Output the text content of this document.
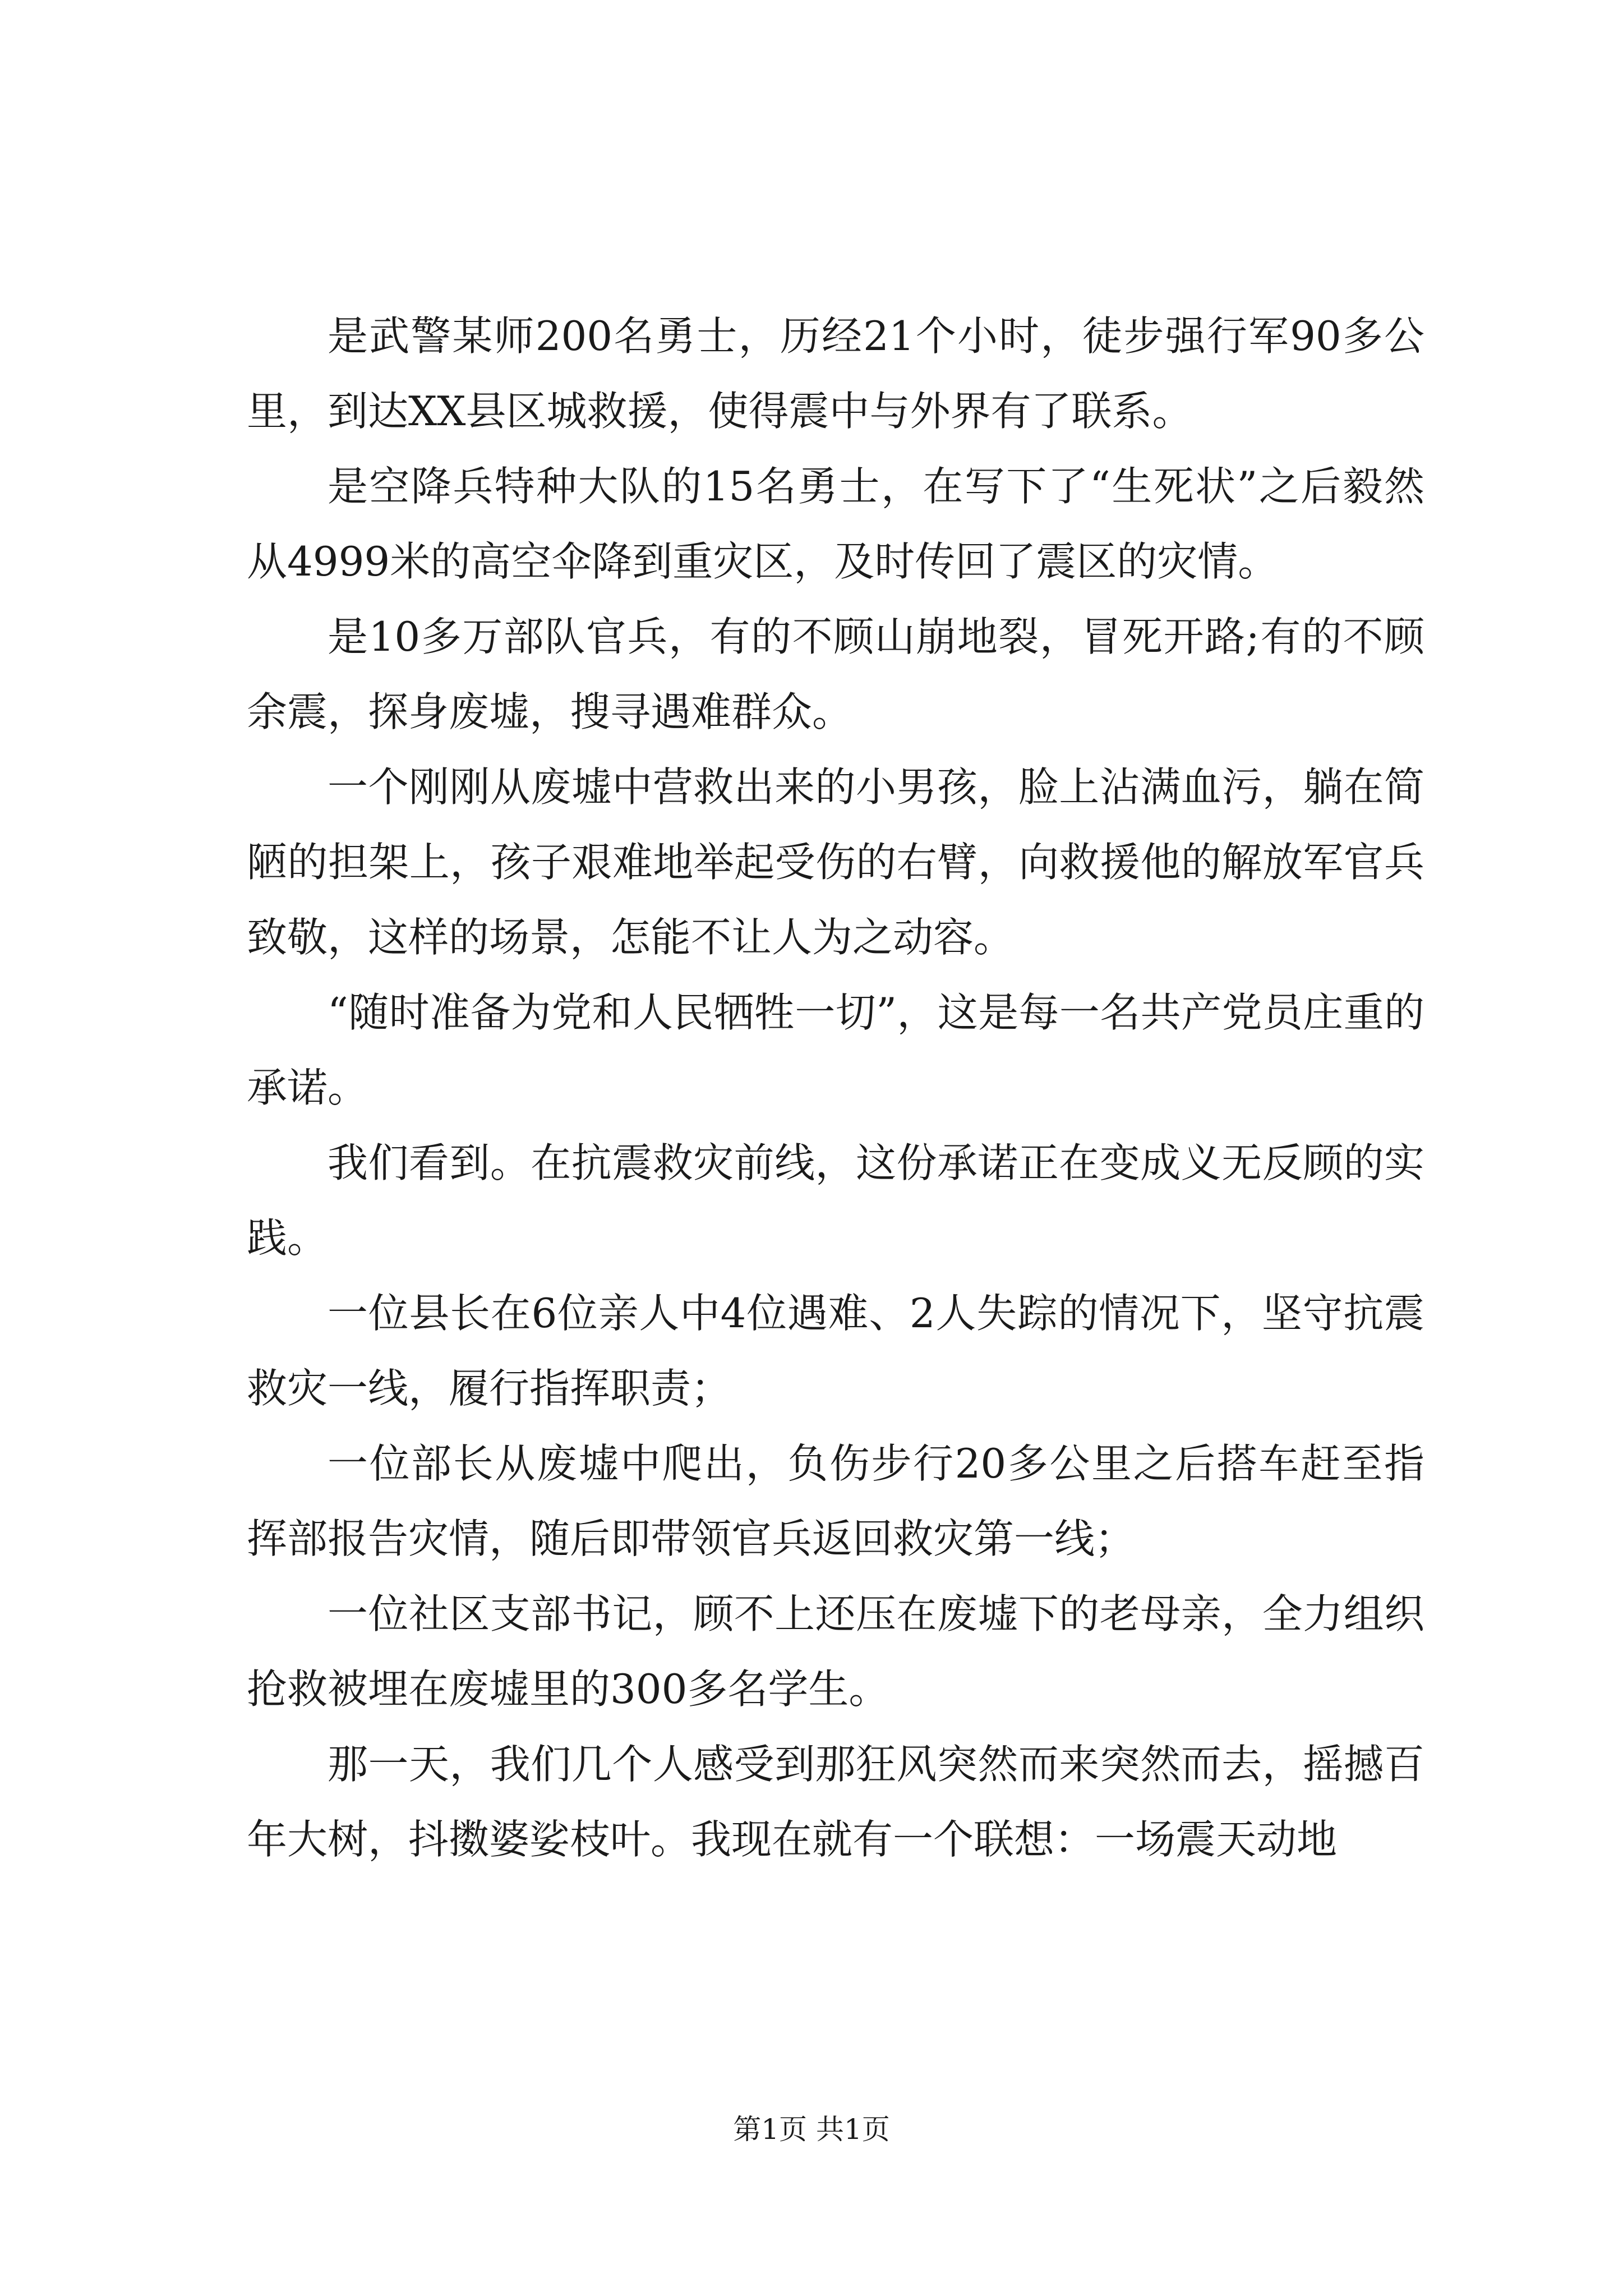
是武警某师200名勇士，历经21个小时，徒步强行军90多公里，到达XX县区城救援，使得震中与外界有了联系。

是空降兵特种大队的15名勇士，在写下了“生死状”之后毅然从4999米的高空伞降到重灾区，及时传回了震区的灾情。

是10多万部队官兵，有的不顾山崩地裂，冒死开路;有的不顾余震，探身废墟，搜寻遇难群众。

一个刚刚从废墟中营救出来的小男孩，脸上沾满血污，躺在简陋的担架上，孩子艰难地举起受伤的右臂，向救援他的解放军官兵致敬，这样的场景，怎能不让人为之动容。

“随时准备为党和人民牺牲一切”，这是每一名共产党员庄重的承诺。

我们看到。在抗震救灾前线，这份承诺正在变成义无反顾的实践。

一位县长在6位亲人中4位遇难、2人失踪的情况下，坚守抗震救灾一线，履行指挥职责；

一位部长从废墟中爬出，负伤步行20多公里之后搭车赶至指挥部报告灾情，随后即带领官兵返回救灾第一线；

一位社区支部书记，顾不上还压在废墟下的老母亲，全力组织抢救被埋在废墟里的300多名学生。

那一天，我们几个人感受到那狂风突然而来突然而去，摇撼百年大树，抖擞婆娑枝叶。我现在就有一个联想：一场震天动地

第1页 共1页
